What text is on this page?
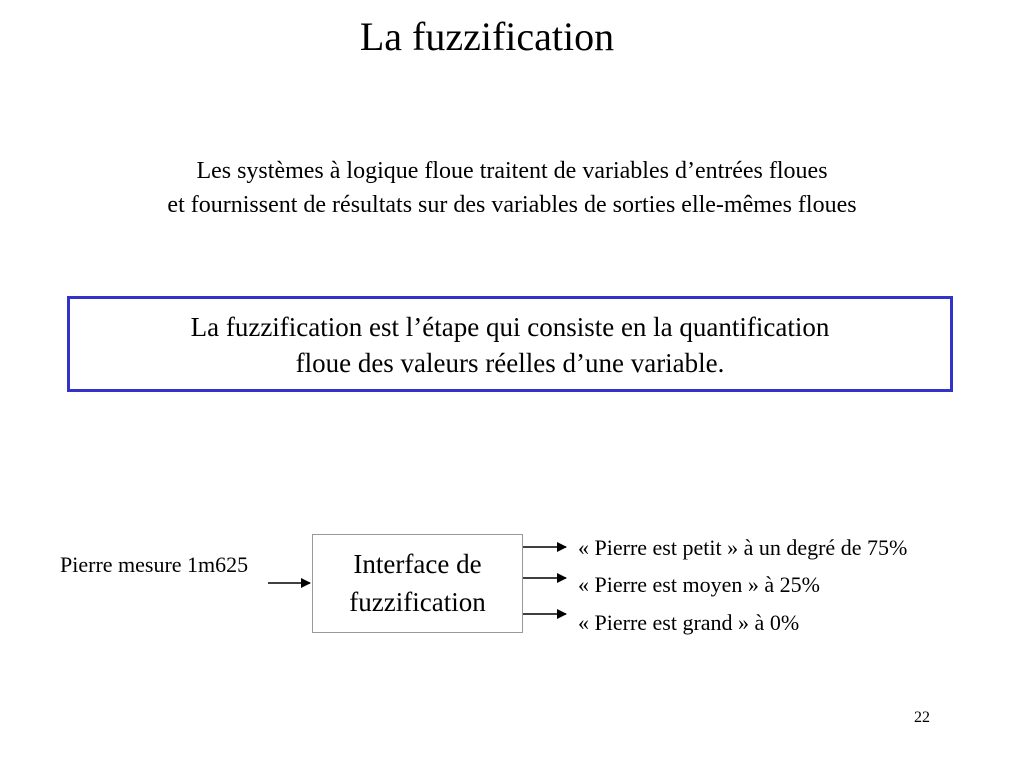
La fuzzification
Les systèmes à logique floue traitent de variables d’entrées floues
et fournissent de résultats sur des variables de sorties elle-mêmes floues
La fuzzification est l’étape qui consiste en la quantification
floue des valeurs réelles d’une variable.
Pierre mesure 1m625	Interface de
fuzzification
« Pierre est petit » à un degré de 75%
« Pierre est moyen » à 25%
« Pierre est grand » à 0%
22
